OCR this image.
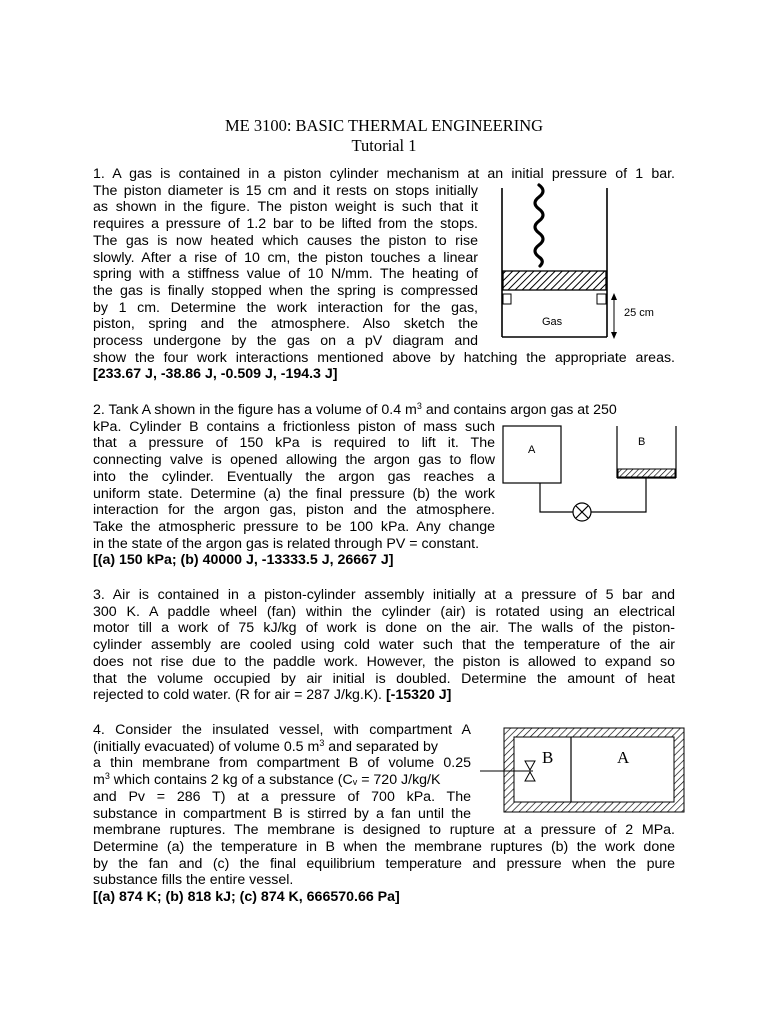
ME 3100: BASIC THERMAL ENGINEERING
Tutorial 1
1. A gas is contained in a piston cylinder mechanism at an initial pressure of 1 bar.
The piston diameter is 15 cm and it rests on stops initially
as shown in the figure. The piston weight is such that it
requires a pressure of 1.2 bar to be lifted from the stops.
The gas is now heated which causes the piston to rise
slowly. After a rise of 10 cm, the piston touches a linear
spring with a stiffness value of 10 N/mm. The heating of
the gas is finally stopped when the spring is compressed
by 1 cm. Determine the work interaction for the gas,
piston, spring and the atmosphere. Also sketch the
process undergone by the gas on a pV diagram and
show the four work interactions mentioned above by hatching the appropriate areas.
[233.67 J, -38.86 J, -0.509 J, -194.3 J]
Gas
25 cm
2. Tank A shown in the figure has a volume of 0.4 $m^3$ and contains argon gas at 250
kPa. Cylinder B contains a frictionless piston of mass such
that a pressure of 150 kPa is required to lift it. The
connecting valve is opened allowing the argon gas to flow
into the cylinder. Eventually the argon gas reaches a
uniform state. Determine (a) the final pressure (b) the work
interaction for the argon gas, piston and the atmosphere.
Take the atmospheric pressure to be 100 kPa. Any change
in the state of the argon gas is related through PV = constant.
[(a) 150 kPa; (b) 40000 J, -13333.5 J, 26667 J]
A
B
3. Air is contained in a piston-cylinder assembly initially at a pressure of 5 bar and
300 K. A paddle wheel (fan) within the cylinder (air) is rotated using an electrical
motor till a work of 75 kJ/kg of work is done on the air. The walls of the piston-
cylinder assembly are cooled using cold water such that the temperature of the air
does not rise due to the paddle work. However, the piston is allowed to expand so
that the volume occupied by air initial is doubled. Determine the amount of heat
rejected to cold water. (R for air = 287 J/kg.K). [-15320 J]
4. Consider the insulated vessel, with compartment A
(initially evacuated) of volume 0.5 $m^3$ and separated by
a thin membrane from compartment B of volume 0.25
$m^3$ which contains 2 kg of a substance ($C_v = 720$ J/kg/K
and Pv = 286 T) at a pressure of 700 kPa. The
substance in compartment B is stirred by a fan until the
membrane ruptures. The membrane is designed to rupture at a pressure of 2 MPa.
Determine (a) the temperature in B when the membrane ruptures (b) the work done
by the fan and (c) the final equilibrium temperature and pressure when the pure
substance fills the entire vessel.
[(a) 874 K; (b) 818 kJ; (c) 874 K, 666570.66 Pa]
B	A
